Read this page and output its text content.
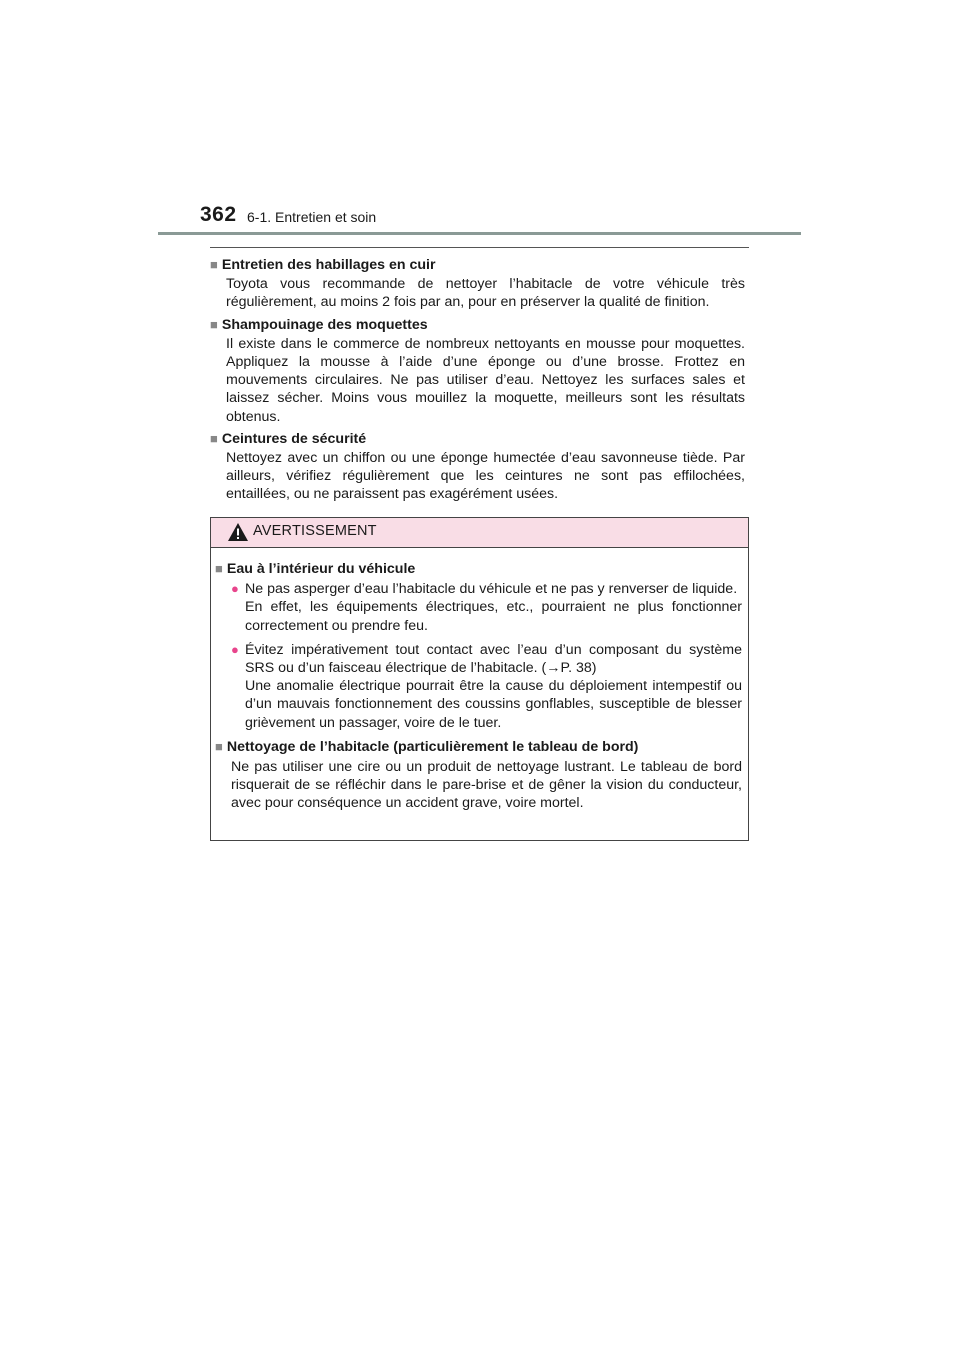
362 6-1. Entretien et soin
■ Entretien des habillages en cuir
Toyota vous recommande de nettoyer l’habitacle de votre véhicule très régulièrement, au moins 2 fois par an, pour en préserver la qualité de finition.
■ Shampouinage des moquettes
Il existe dans le commerce de nombreux nettoyants en mousse pour moquettes. Appliquez la mousse à l’aide d’une éponge ou d’une brosse. Frottez en mouvements circulaires. Ne pas utiliser d’eau. Nettoyez les surfaces sales et laissez sécher. Moins vous mouillez la moquette, meilleurs sont les résultats obtenus.
■ Ceintures de sécurité
Nettoyez avec un chiffon ou une éponge humectée d’eau savonneuse tiède. Par ailleurs, vérifiez régulièrement que les ceintures ne sont pas effilochées, entaillées, ou ne paraissent pas exagérément usées.
AVERTISSEMENT
■ Eau à l’intérieur du véhicule
● Ne pas asperger d’eau l’habitacle du véhicule et ne pas y renverser de liquide.
En effet, les équipements électriques, etc., pourraient ne plus fonctionner correctement ou prendre feu.
● Évitez impérativement tout contact avec l’eau d’un composant du système SRS ou d’un faisceau électrique de l’habitacle. (→P. 38)
Une anomalie électrique pourrait être la cause du déploiement intempestif ou d’un mauvais fonctionnement des coussins gonflables, susceptible de blesser grièvement un passager, voire de le tuer.
■ Nettoyage de l’habitacle (particulièrement le tableau de bord)
Ne pas utiliser une cire ou un produit de nettoyage lustrant. Le tableau de bord risquerait de se réfléchir dans le pare-brise et de gêner la vision du conducteur, avec pour conséquence un accident grave, voire mortel.
